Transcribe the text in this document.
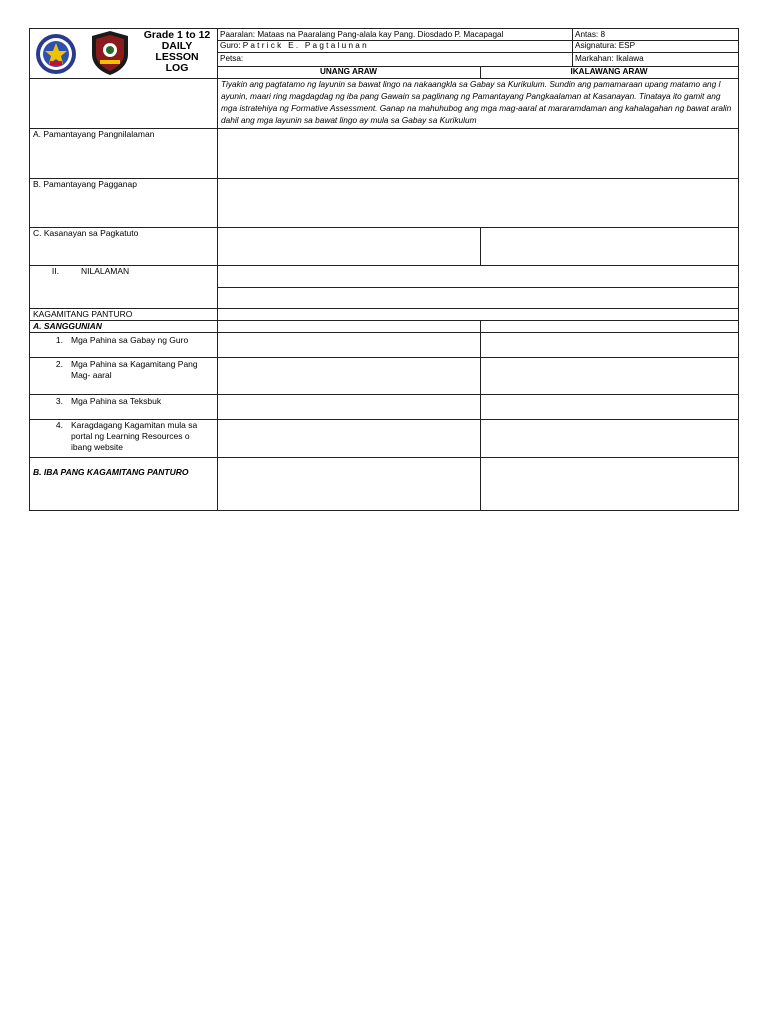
Grade 1 to 12
DAILY
LESSON
LOG
Paaralan: Mataas na Paaralang Pang-alala kay Pang. Diosdado P. Macapagal	Antas: 8
Guro: P a t r i c k   E .   P a g t a l u n a n	Asignatura: ESP
Petsa:	Markahan: Ikalawa
UNANG ARAW	IKALAWANG ARAW
Tiyakin ang pagtatamo ng layunin sa bawat lingo na nakaangkla sa Gabay sa Kurikulum. Sundin ang pamamaraan upang matamo ang l ayunin, maari ring magdagdag ng iba pang Gawain sa paglinang ng Pamantayang Pangkaalaman at Kasanayan. Tinataya ito gamit ang mga istratehiya ng Formative Assessment. Ganap na mahuhubog ang mga mag-aaral at mararamdaman ang kahalagahan ng bawat aralin dahil ang mga layunin sa bawat lingo ay mula sa Gabay sa Kurikulum
A. Pamantayang Pangnilalaman
B. Pamantayang Pagganap
C. Kasanayan sa Pagkatuto
II.	NILALAMAN
KAGAMITANG PANTURO
A. SANGGUNIAN
1. Mga Pahina sa Gabay ng Guro
2. Mga Pahina sa Kagamitang Pang Mag- aaral
3. Mga Pahina sa Teksbuk
4. Karagdagang Kagamitan mula sa portal ng Learning Resources o ibang website
B. IBA PANG KAGAMITANG PANTURO
